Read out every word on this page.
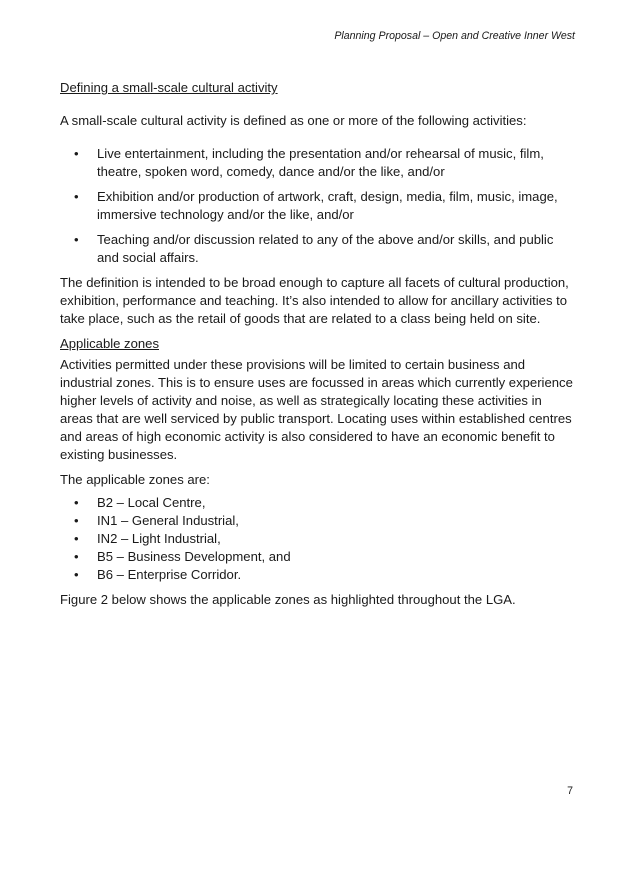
Planning Proposal – Open and Creative Inner West

Defining a small-scale cultural activity

A small-scale cultural activity is defined as one or more of the following activities:

• Live entertainment, including the presentation and/or rehearsal of music, film, theatre, spoken word, comedy, dance and/or the like, and/or
• Exhibition and/or production of artwork, craft, design, media, film, music, image, immersive technology and/or the like, and/or
• Teaching and/or discussion related to any of the above and/or skills, and public and social affairs.

The definition is intended to be broad enough to capture all facets of cultural production, exhibition, performance and teaching. It’s also intended to allow for ancillary activities to take place, such as the retail of goods that are related to a class being held on site.

Applicable zones

Activities permitted under these provisions will be limited to certain business and industrial zones. This is to ensure uses are focussed in areas which currently experience higher levels of activity and noise, as well as strategically locating these activities in areas that are well serviced by public transport. Locating uses within established centres and areas of high economic activity is also considered to have an economic benefit to existing businesses.

The applicable zones are:

• B2 – Local Centre,
• IN1 – General Industrial,
• IN2 – Light Industrial,
• B5 – Business Development, and
• B6 – Enterprise Corridor.

Figure 2 below shows the applicable zones as highlighted throughout the LGA.

7
